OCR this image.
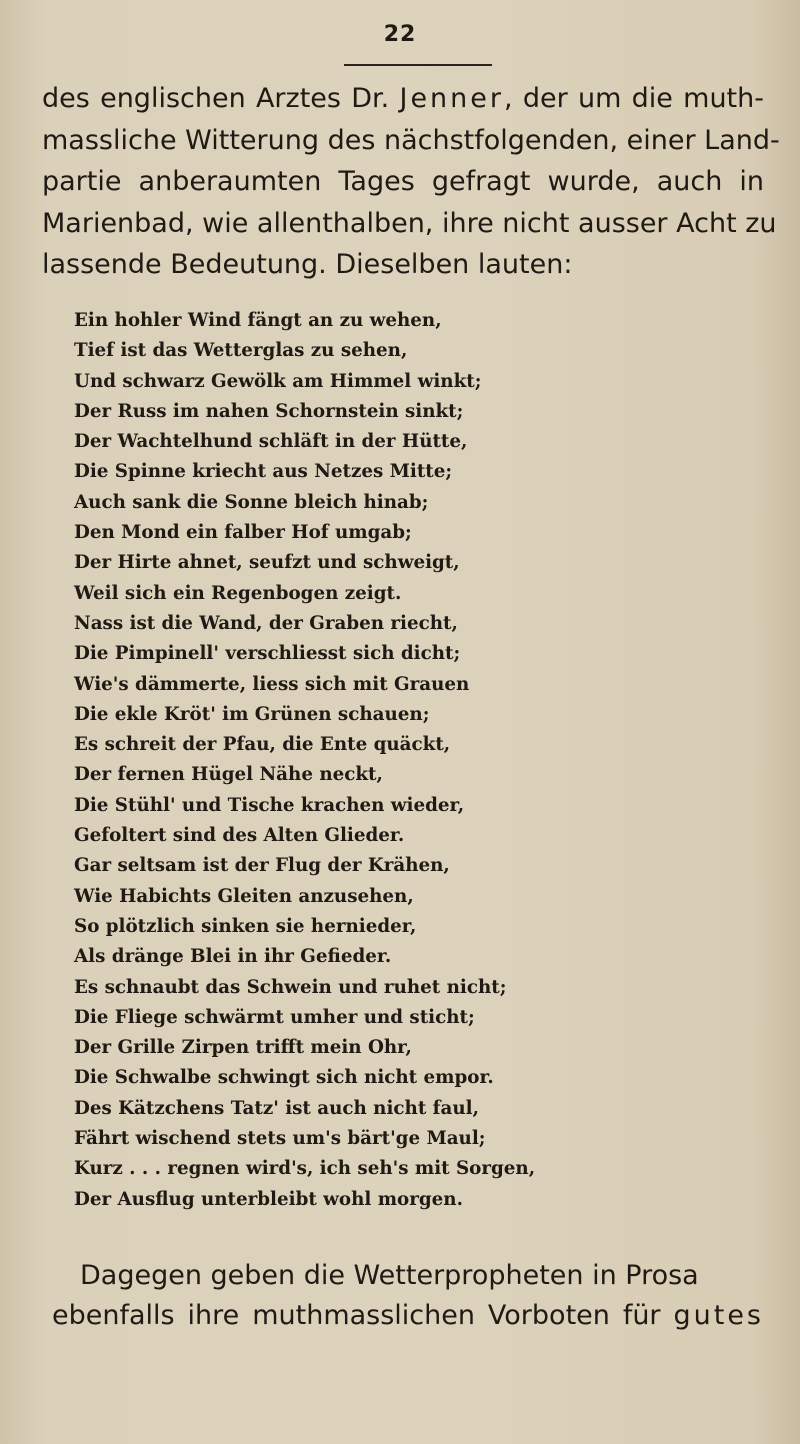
22
des englischen Arztes Dr. Jenner, der um die muth-
massliche Witterung des nächstfolgenden, einer Land-
partie anberaumten Tages gefragt wurde, auch in
Marienbad, wie allenthalben, ihre nicht ausser Acht zu
lassende Bedeutung. Dieselben lauten:
Ein hohler Wind fängt an zu wehen,
Tief ist das Wetterglas zu sehen,
Und schwarz Gewölk am Himmel winkt;
Der Russ im nahen Schornstein sinkt;
Der Wachtelhund schläft in der Hütte,
Die Spinne kriecht aus Netzes Mitte;
Auch sank die Sonne bleich hinab;
Den Mond ein falber Hof umgab;
Der Hirte ahnet, seufzt und schweigt,
Weil sich ein Regenbogen zeigt.
Nass ist die Wand, der Graben riecht,
Die Pimpinell' verschliesst sich dicht;
Wie's dämmerte, liess sich mit Grauen
Die ekle Kröt' im Grünen schauen;
Es schreit der Pfau, die Ente quäckt,
Der fernen Hügel Nähe neckt,
Die Stühl' und Tische krachen wieder,
Gefoltert sind des Alten Glieder.
Gar seltsam ist der Flug der Krähen,
Wie Habichts Gleiten anzusehen,
So plötzlich sinken sie hernieder,
Als dränge Blei in ihr Gefieder.
Es schnaubt das Schwein und ruhet nicht;
Die Fliege schwärmt umher und sticht;
Der Grille Zirpen trifft mein Ohr,
Die Schwalbe schwingt sich nicht empor.
Des Kätzchens Tatz' ist auch nicht faul,
Fährt wischend stets um's bärt'ge Maul;
Kurz . . . regnen wird's, ich seh's mit Sorgen,
Der Ausflug unterbleibt wohl morgen.
Dagegen geben die Wetterpropheten in Prosa
ebenfalls ihre muthmasslichen Vorboten für gutes
